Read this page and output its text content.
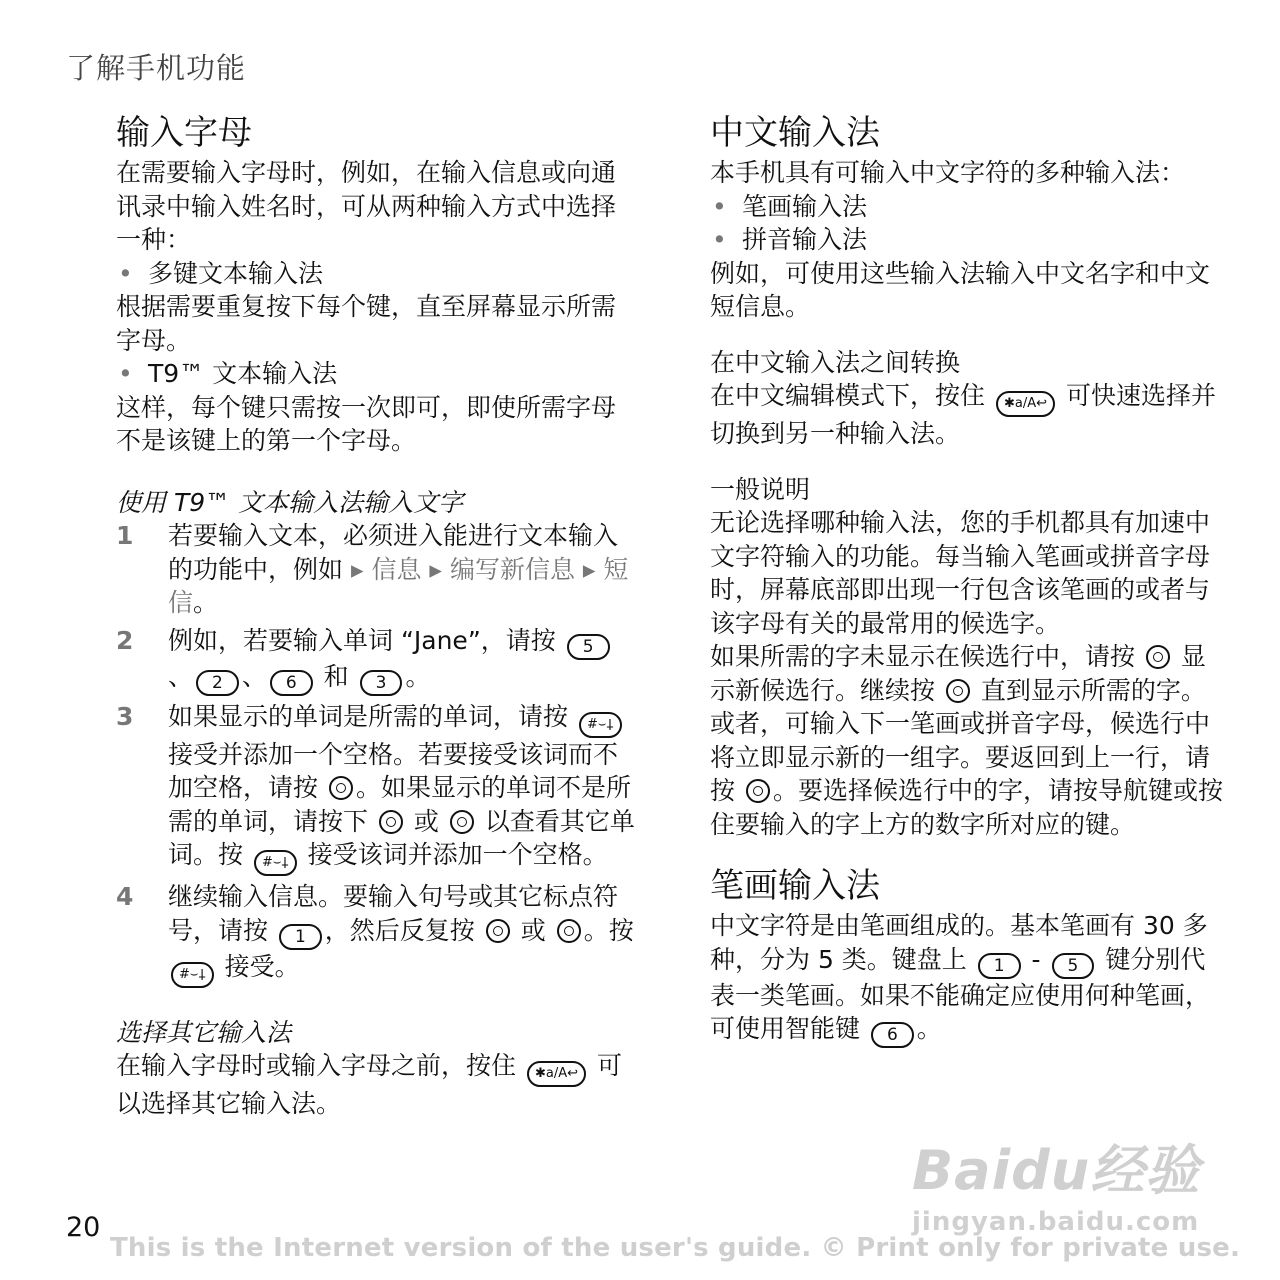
了解手机功能
输入字母

在需要输入字母时，例如，在输入信息或向通讯录中输入姓名时，可从两种输入方式中选择一种：

• 多键文本输入法

根据需要重复按下每个键，直至屏幕显示所需字母。

• T9™ 文本输入法

这样，每个键只需按一次即可，即使所需字母不是该键上的第一个字母。

使用 T9™ 文本输入法输入文字

1 若要输入文本，必须进入能进行文本输入的功能中，例如 ▸ 信息 ▸ 编写新信息 ▸ 短信。

2 例如，若要输入单词 “Jane”，请按 5、 2 、 6 和 3 。

3 如果显示的单词是所需的单词，请按 #⌣⸸ 接受并添加一个空格。若要接受该词而不加空格，请按 。如果显示的单词不是所需的单词，请按下 或 以查看其它单词。按 #⌣⸸ 接受该词并添加一个空格。

4 继续输入信息。要输入句号或其它标点符号，请按 1 ，然后反复按 或 。按 #⌣⸸ 接受。

选择其它输入法

在输入字母时或输入字母之前，按住 ✱a/A↩ 可以选择其它输入法。

中文输入法

本手机具有可输入中文字符的多种输入法：

• 笔画输入法

• 拼音输入法

例如，可使用这些输入法输入中文名字和中文短信息。

在中文输入法之间转换

在中文编辑模式下，按住 ✱a/A↩ 可快速选择并切换到另一种输入法。

一般说明

无论选择哪种输入法，您的手机都具有加速中文字符输入的功能。每当输入笔画或拼音字母时，屏幕底部即出现一行包含该笔画的或者与该字母有关的最常用的候选字。

如果所需的字未显示在候选行中，请按 显示新候选行。继续按 直到显示所需的字。或者，可输入下一笔画或拼音字母，候选行中将立即显示新的一组字。要返回到上一行，请按 。要选择候选行中的字，请按导航键或按住要输入的字上方的数字所对应的键。

笔画输入法

中文字符是由笔画组成的。基本笔画有 30 多种，分为 5 类。键盘上 1 - 5 键分别代表一类笔画。如果不能确定应使用何种笔画，可使用智能键 6 。

Baidu经验
jingyan.baidu.com
20
This is the Internet version of the user's guide. © Print only for private use.
